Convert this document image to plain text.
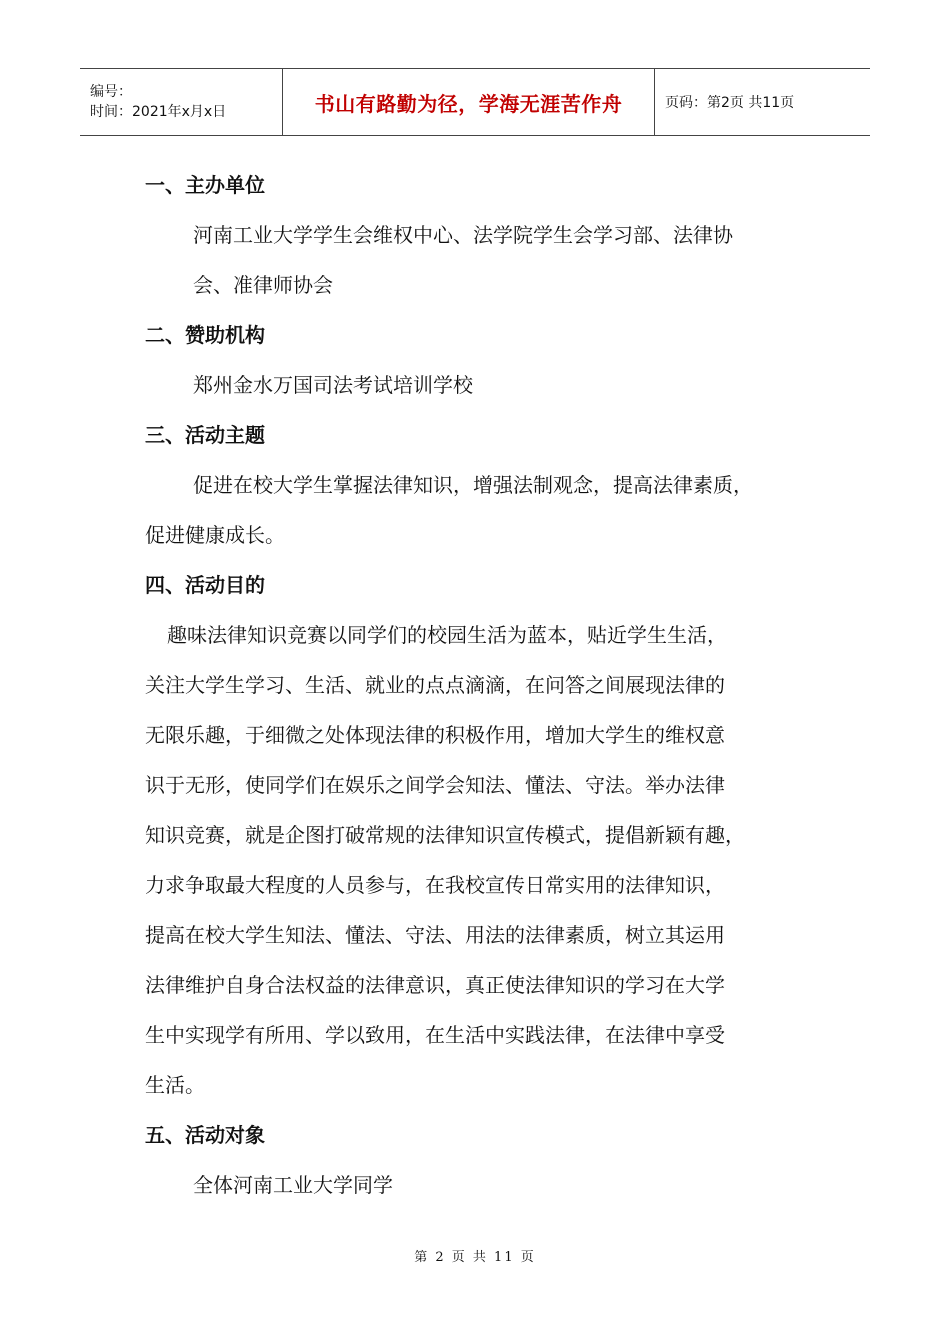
编号：
时间：2021年x月x日	书山有路勤为径，学海无涯苦作舟	页码：第2页 共11页

一、主办单位

河南工业大学学生会维权中心、法学院学生会学习部、法律协

会、准律师协会

二、赞助机构

郑州金水万国司法考试培训学校

三、活动主题

促进在校大学生掌握法律知识，增强法制观念，提高法律素质，

促进健康成长。

四、活动目的

趣味法律知识竞赛以同学们的校园生活为蓝本，贴近学生生活，

关注大学生学习、生活、就业的点点滴滴，在问答之间展现法律的

无限乐趣，于细微之处体现法律的积极作用，增加大学生的维权意

识于无形，使同学们在娱乐之间学会知法、懂法、守法。举办法律

知识竞赛，就是企图打破常规的法律知识宣传模式，提倡新颖有趣，

力求争取最大程度的人员参与，在我校宣传日常实用的法律知识，

提高在校大学生知法、懂法、守法、用法的法律素质，树立其运用

法律维护自身合法权益的法律意识，真正使法律知识的学习在大学

生中实现学有所用、学以致用，在生活中实践法律，在法律中享受

生活。

五、活动对象

全体河南工业大学同学

第 2 页 共 11 页
